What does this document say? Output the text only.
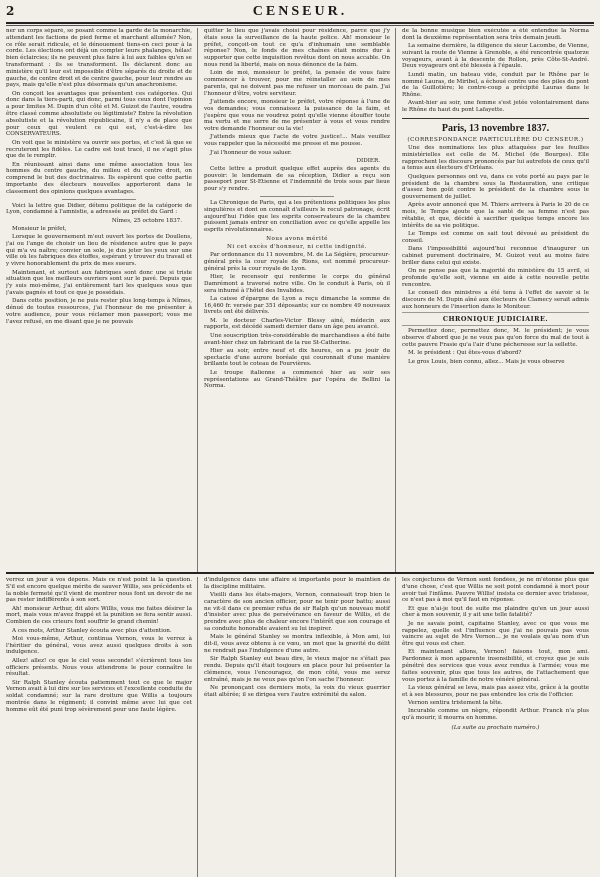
2	CENSEUR.

ner un corps séparé, se posant comme la garde de la monarchie, attendant les factions de pied ferme et marchant allumée? Non, ce rôle serait ridicule, et le dénouement tiens-en ceci pour à la corde. Les élections ont déjà un compter leurs phalanges, hélas! bien éclaircies; ils ne peuvent plus faire à lui aux faibles qu'en se transformant : ils se transforment. Ils déclarent donc au ministère qu'il leur est impossible d'être séparés du droite et de gauche, de centre droit et de centre gauche, pour leur rendre au pays, mais qu'elle n'est plus désormais qu'un anachronisme.

On conçoit les avantages que présentent ces catégories. Qui donc dans la tiers-parti, qui donc, parmi tous ceux dont l'opinion a pour limites M. Dupin d'un côté et M. Guizot de l'autre, voudra être classé comme absolutiste ou légitimiste? Entre la révolution absolutiste et la révolution républicaine, il n'y a de place que pour ceux qui veulent ce qui est, c'est-à-dire les CONSERVATEURS.

On voit que le ministère va ouvrir ses portes, et c'est là que se recruteront les fidèles. Le cadre est tout tracé, il ne s'agit plus que de le remplir.

En réunissant ainsi dans une même association tous les hommes du centre gauche, du milieu et du centre droit, on comprend le but des doctrinaires. Ils espèrent que cette partie importante des électeurs nouvelles apporteront dans le classement des opinions quelques avantages.

Voici la lettre que Didier, détenu politique de la catégorie de Lyon, condamné à l'amnistie, a adressée au préfet du Gard :

Nîmes, 25 octobre 1837.

Monsieur le préfet,

Lorsque le gouvernement m'eut ouvert les portes de Doullens, j'ai ou l'ange de choisir un lieu de résidence autre que le pays qui m'a vu naître; convier un sole, je dus jeter les yeux sur une ville où les fabriques des étoffes, espérant y trouver du travail et y vivre honorablement du prix de mes sueurs.

Maintenant, et surtout aux fabriques sont donc une si triste situation que les meilleurs ouvriers sont sur le pavé. Depuis que j'y suis moi-même, j'ai entièrement tari les quelques sous que j'avais gagnés et tout ce que je possédais.

Dans cette position, je ne puis rester plus long-temps à Nîmes, dénué de toutes ressources, j'ai l'honneur de me présenter à votre audience, pour vous réclamer mon passeport; vous me l'avez refusé, en me disant que je ne pouvais

quitter le lieu que j'avais choisi pour résidence, parce que j'y étais sous la surveillance de la haute police. Ah! monsieur le préfet, conçoit-on tout ce qu'a d'inhumain une semblable réponse? Non, le fonds de mes chaînes était moins dur à supporter que cette inquisition revêtue dont on nous accable. On nous rend la liberté, mais on nous dénonce de la faim.

Loin de moi, monsieur le préfet, la pensée de vous faire commencer à trouver, pour me réinstaller au sein de mes parents, qui ne doivent pas me refuser un morceau de pain. J'ai l'honneur d'être, votre serviteur.

J'attends encore, monsieur le préfet, votre réponse à l'une de vos demandes; vous connaissez la puissance de la faim, et j'espère que vous ne voudrez point qu'elle vienne étouffer toute ma vertu et me serre de me présenter à vous et vous rendre votre demande l'honneur ou la vie!

J'attends mieux que l'acte de votre justice!... Mais veuillez vous rappeler que la nécessité me presse et me pousse.

J'ai l'honneur de vous saluer.

DIDIER.

Cette lettre a produit quelque effet auprès des agents du pouvoir: le lendemain de sa réception, Didier a reçu son passeport pour St-Etienne et l'indemnité de trois sous par lieue pour s'y rendre.

La Chronique de Paris, qui a les prétentions politiques les plus singulières et dont on connaît d'ailleurs le recul patronage, écrit aujourd'hui l'idée que les esprits conservateurs de la chambre puissent jamais entrer en conciliation avec ce qu'elle appelle les esprits révolutionnaires.

Nous avons mérité
Ni cet excès d'honneur, ni cette indignité.

Par ordonnance du 11 novembre, M. de La Ségière, procureur-général près la cour royale de Rions, est nommé procureur-général près la cour royale de Lyon.

Hier, le recensoir qui renferme le corps du général Damrémont a traversé notre ville. On le conduit à Paris, où il sera inhumé à l'hôtel des Invalides.

La caisse d'épargne de Lyon a reçu dimanche la somme de 16,460 fr. versée par 351 déposants; sur ce nombre 49 nouveaux livrets ont été délivrés.

M. le docteur Charles-Victor Blessy ainé, médecin aux rapports, est décédé samedi dernier dans un âge peu avancé.

Une souscription très-considérable de marchandises a été faite avant-hier chez un fabricant de la rue St-Catherine.

Hier au soir, entre neuf et dix heures, on a pu jouir du spectacle d'une aurore boréale qui couronnait d'une manière brillante tout le coteau de Fourvières.

Le troupe italienne a commencé hier au soir ses représentations au Grand-Théâtre par l'opéra de Bellini la Norma.

de la bonne musique bien exécutée a été entendue la Norma dont la deuxième représentation sera très demain jeudi.

La semaine dernière, la diligence du sieur Lacombe, de Vienne, suivant la route de Vienne à Grenoble, a été rencontrée quatorze voyageurs, avant à la descente de Rollon, près Côte-St-André. Deux voyageurs ont été blessés à l'épaule.

Lundi matin, un bateau vide, conduit par le Rhône par le nommé Lauras, de Miribel, a échoué contre une des piles du pont de la Guillotière; le contre-coup a précipité Lauras dans le Rhône.

Avant-hier au soir, une femme s'est jetée volontairement dans le Rhône du haut du pont Lafayette.

Paris, 13 novembre 1837.
(CORRESPONDANCE PARTICULIÈRE DU CENSEUR.)

Une des nominations les plus attaquées par les feuilles ministérielles est celle de M. Michel (de Bourges). Elle rapprochent les discours prononcés par lui autrefois de ceux qu'il a tenus aux électeurs d'Orléans.

Quelques personnes ont vu, dans ce vote porté au pays par le président de la chambre sous la Restauration, une critique d'assez bon goût contre le président de la chambre sous le gouvernement de juillet.

Après avoir annoncé que M. Thiers arrivera à Paris le 20 de ce mois, le Temps ajoute que la santé de sa femme n'est pas rétablie, et que, décidé à sacrifier quelque temps encore les intérêts de sa vie politique.

Le Temps est comme on sait tout dévoué au président du conseil.

Dans l'impossibilité aujourd'hui reconnue d'inaugurer un cabinet purement doctrinaire, M. Guizot veut au moins faire briller dans celui qui existe.

On ne pense pas que la majorité du ministère du 15 avril, si profonde qu'elle soit, vienne en aide à cette nouvelle petite rencontre.

Le conseil des ministres a été tenu à l'effet de savoir si le discours de M. Dupin aîné aux électeurs de Clamecy serait admis aux honneurs de l'insertion dans le Moniteur.

CHRONIQUE JUDICIAIRE.

Permettez donc, permettez donc, M. le président; je vous observe d'abord que je ne veux pas qu'on force du mal de tout à cette pauvre Frasie qu'a l'air d'une pécheresse sur la sellette.

M. le président : Qui êtes-vous d'abord?

Le gros Louis, bien connu, allez... Mais je vous observe

verrez un jour à vos dépens. Mais ce n'est point là la question. S'il est encore quelque mérite de sauver Willis, ses précédents et la noble fermeté qu'il vient de montrer nous font un devoir de ne pas rester indifférents à son sort.

Ah! monsieur Arthur, dit alors Willis, vous me faites désirer la mort, mais vous m'avez frappé et la punition se fera sentir aussi. Combien de ces crieurs font souffrir le grand chemin!

A ces mots, Arthur Stanley écouta avec plus d'attention.

Moi vous-même, Arthur, continua Vernon, vous le verrez à l'héritier du général, vous avez aussi quelques droits à son indulgence.

Allez! allez! ce que le ciel vous seconde! s'écrièrent tous les officiers présents. Nous vous attendrons le pour connaître le résultat.

Sir Ralph Stanley écouta patiemment tout ce que le major Vernon avait à lui dire sur les services et l'excellente conduite du soldat condamné; sur la rare droiture que Willis a toujours montrée dans le régiment; il convint même avec lui que cet homme eût été puni trop sévèrement pour une faute légère.

d'indulgence dans une affaire si importante pour le maintien de la discipline militaire.

Vieilli dans les états-majors, Vernon, connaissait trop bien le caractère de son ancien officier, pour ne tenir pour battu; aussi ne vit-il dans ce premier refus de sir Ralph qu'un nouveau motif d'insister avec plus de persévérance en faveur de Willis, et de prendre avec plus de chaleur encore l'intérêt que son courage et sa conduite honorable avaient su lui inspirer.

Mais le général Stanley se montra inflexible, à Mon ami, lui dit-il, vous avez obtenu à ce vœu, un mot que la gravité du délit ne rendrait pas l'indulgence d'une autre.

Sir Ralph Stanley eut beau dire, le vieux major ne s'était pas rendu. Depuis qu'il était toujours en place pour lui présenter la clémence, vous l'encouragez, de mon côté, vous me serez entraîné, mais je ne veux pas qu'on l'on sache l'honneur.

Ne prononçant ces derniers mots, la voix du vieux guerrier était altérée; il se dirigea vers l'autre extrémité du salon.

les conjectures de Vernon sont fondées, je ne m'étonne plus que d'une chose, c'est que Willis ne soit point condamné à mort pour avoir tué l'infâme. Pauvre Willis! insista ce dernier avec tristesse, ce n'est pas à moi qu'il faut en réponse.

Et que n'ai-je tout de suite me plaindre qu'en un jour aussi cher à mon souvenir, il y ait une telle fatalité?

Je ne savais point, capitaine Stanley, avec ce que vous me rappelez, quelle est l'influence que j'ai ne pouvais pas vous vaincre au sujet de Mrs Vernon... je ne voulais qu'au nom d'un être qui vous est cher.

Et maintenant allons, Vernon! faisons tout, mon ami. Pardonnez à mon apparente insensibilité, et croyez que je suis pénétré des services que vous avez rendus à l'armée; vous me faites souvenir, plus que tous les autres, de l'attachement que vous portez à la famille de notre vénéré général.

La vieux général se leva, mais pas assez vite, grâce à la goutte et à ses blessures, pour ne pas entendre les cris de l'officier.

Vernon sentira tristement la tête.

Incurable comme un nègre, répondit Arthur. Franck n'a plus qu'à mourir, il mourra en homme.

(La suite au prochain numéro.)
